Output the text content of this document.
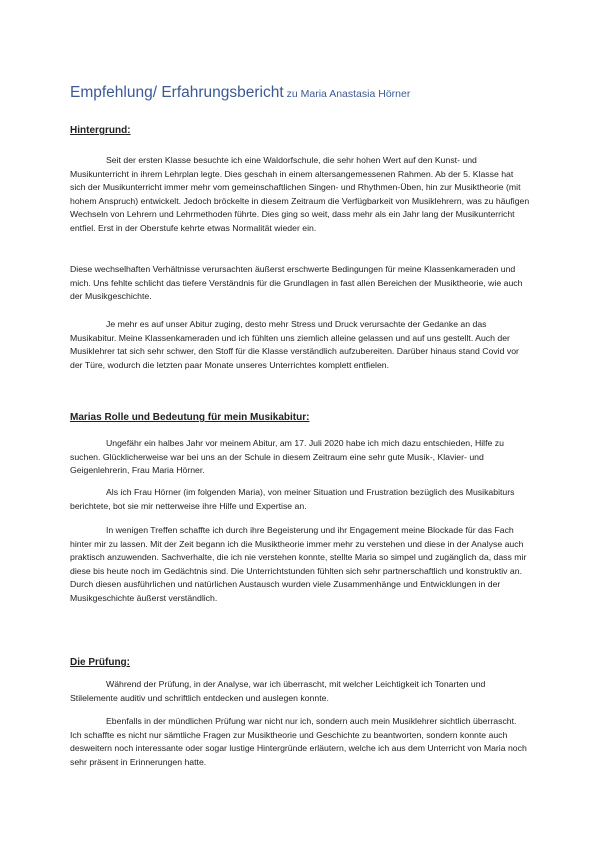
Empfehlung/ Erfahrungsbericht zu Maria Anastasia Hörner
Hintergrund:
Seit der ersten Klasse besuchte ich eine Waldorfschule, die sehr hohen Wert auf den Kunst- und Musikunterricht in ihrem Lehrplan legte. Dies geschah in einem altersangemessenen Rahmen. Ab der 5. Klasse hat sich der Musikunterricht immer mehr vom gemeinschaftlichen Singen- und Rhythmen-Üben, hin zur Musiktheorie (mit hohem Anspruch) entwickelt. Jedoch bröckelte in diesem Zeitraum die Verfügbarkeit von Musiklehrern, was zu häufigen Wechseln von Lehrern und Lehrmethoden führte. Dies ging so weit, dass mehr als ein Jahr lang der Musikunterricht entfiel. Erst in der Oberstufe kehrte etwas Normalität wieder ein.
Diese wechselhaften Verhältnisse verursachten äußerst erschwerte Bedingungen für meine Klassenkameraden und mich. Uns fehlte schlicht das tiefere Verständnis für die Grundlagen in fast allen Bereichen der Musiktheorie, wie auch der Musikgeschichte.
Je mehr es auf unser Abitur zuging, desto mehr Stress und Druck verursachte der Gedanke an das Musikabitur. Meine Klassenkameraden und ich fühlten uns ziemlich alleine gelassen und auf uns gestellt. Auch der Musiklehrer tat sich sehr schwer, den Stoff für die Klasse verständlich aufzubereiten. Darüber hinaus stand Covid vor der Türe, wodurch die letzten paar Monate unseres Unterrichtes komplett entfielen.
Marias Rolle und Bedeutung für mein Musikabitur:
Ungefähr ein halbes Jahr vor meinem Abitur, am 17. Juli 2020 habe ich mich dazu entschieden, Hilfe zu suchen. Glücklicherweise war bei uns an der Schule in diesem Zeitraum eine sehr gute Musik-, Klavier- und Geigenlehrerin, Frau Maria Hörner.
Als ich Frau Hörner (im folgenden Maria), von meiner Situation und Frustration bezüglich des Musikabiturs berichtete, bot sie mir netterweise ihre Hilfe und Expertise an.
In wenigen Treffen schaffte ich durch ihre Begeisterung und ihr Engagement meine Blockade für das Fach hinter mir zu lassen. Mit der Zeit begann ich die Musiktheorie immer mehr zu verstehen und diese in der Analyse auch praktisch anzuwenden. Sachverhalte, die ich nie verstehen konnte, stellte Maria so simpel und zugänglich da, dass mir diese bis heute noch im Gedächtnis sind. Die Unterrichtstunden fühlten sich sehr partnerschaftlich und konstruktiv an. Durch diesen ausführlichen und natürlichen Austausch wurden viele Zusammenhänge und Entwicklungen in der Musikgeschichte äußerst verständlich.
Die Prüfung:
Während der Prüfung, in der Analyse, war ich überrascht, mit welcher Leichtigkeit ich Tonarten und Stilelemente auditiv und schriftlich entdecken und auslegen konnte.
Ebenfalls in der mündlichen Prüfung war nicht nur ich, sondern auch mein Musiklehrer sichtlich überrascht. Ich schaffte es nicht nur sämtliche Fragen zur Musiktheorie und Geschichte zu beantworten, sondern konnte auch desweitern noch interessante oder sogar lustige Hintergründe erläutern, welche ich aus dem Unterricht von Maria noch sehr präsent in Erinnerungen hatte.
